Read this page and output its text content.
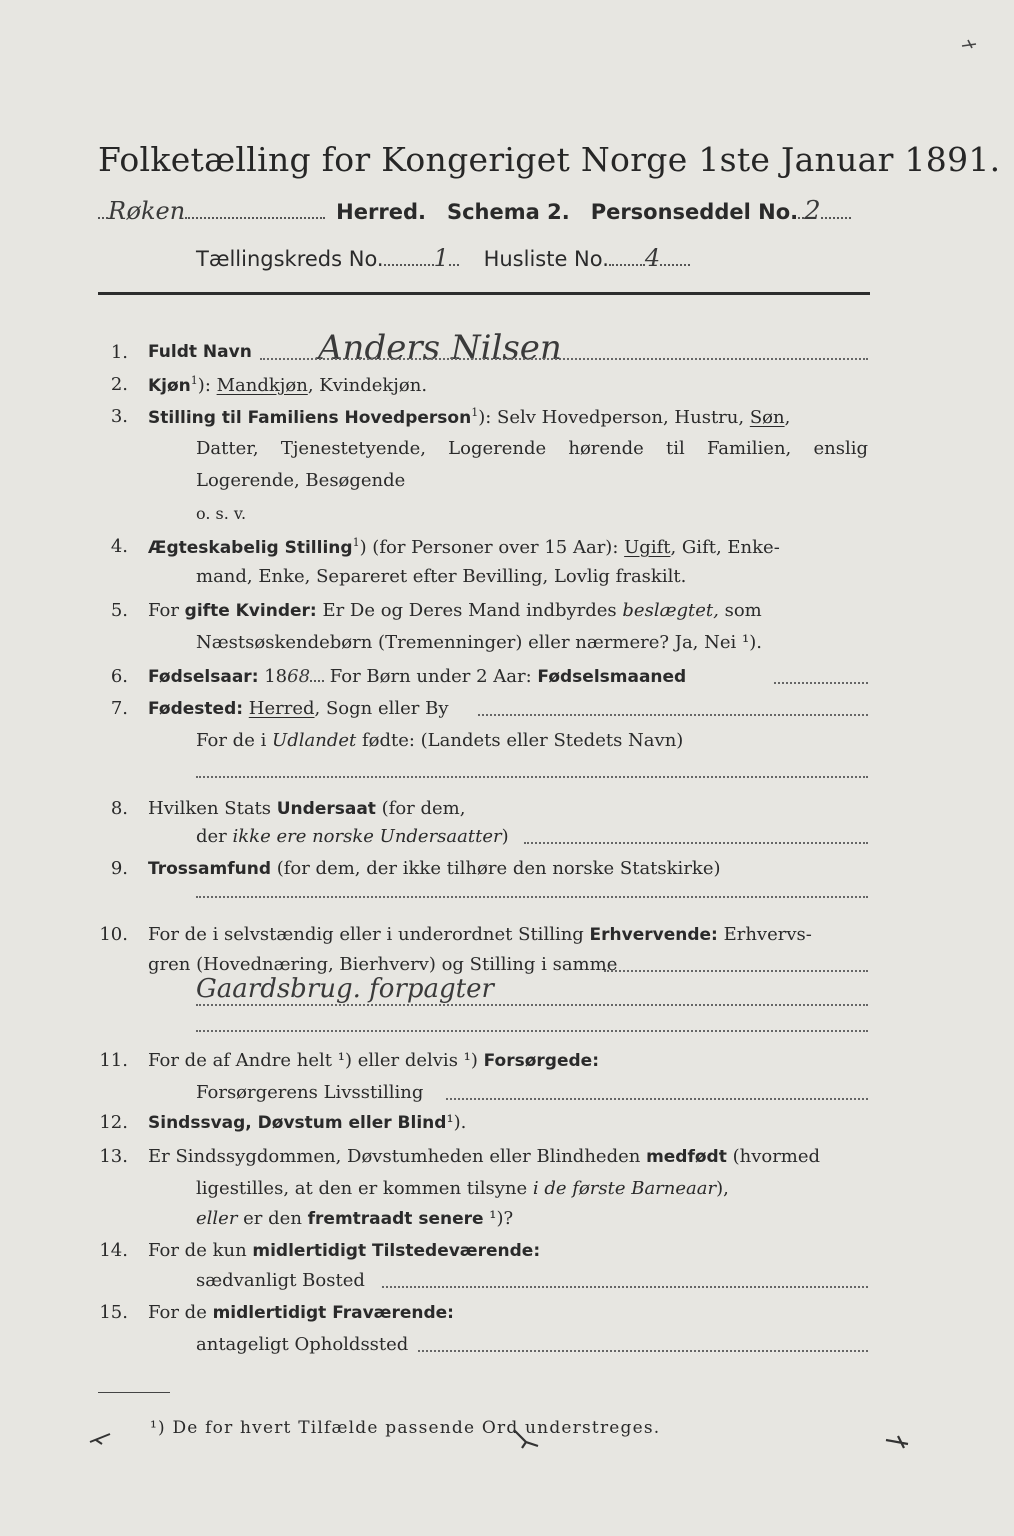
Folketælling for Kongeriget Norge 1ste Januar 1891.
Røken	Herred. Schema 2. Personseddel No. 2
Tællingskreds No. 1 Husliste No. 4
1. Fuldt Navn Anders Nilsen
2. Kjøn$^1$): Mandkjøn, Kvindekjøn.
3. Stilling til Familiens Hovedperson$^1$): Selv Hovedperson, Hustru, Søn,
Datter, Tjenestetyende, Logerende hørende til Familien, enslig
Logerende, Besøgende
o. s. v.
4. Ægteskabelig Stilling$^1$) (for Personer over 15 Aar): Ugift, Gift, Enke-
mand, Enke, Separeret efter Bevilling, Lovlig fraskilt.
5. For gifte Kvinder: Er De og Deres Mand indbyrdes beslægtet, som
Næstsøskendebørn (Tremenninger) eller nærmere? Ja, Nei ¹).
6. Fødselsaar: 1868 For Børn under 2 Aar: Fødselsmaaned
7. Fødested: Herred, Sogn eller By
For de i Udlandet fødte: (Landets eller Stedets Navn)
8. Hvilken Stats Undersaat (for dem,
der ikke ere norske Undersaatter)
9. Trossamfund (for dem, der ikke tilhøre den norske Statskirke)
10. For de i selvstændig eller i underordnet Stilling Erhvervende: Erhvervs-
gren (Hovednæring, Bierhverv) og Stilling i samme
Gaardsbrug. forpagter
11. For de af Andre helt ¹) eller delvis ¹) Forsørgede:
Forsørgerens Livsstilling
12. Sindssvag, Døvstum eller Blind¹).
13. Er Sindssygdommen, Døvstumheden eller Blindheden medfødt (hvormed
ligestilles, at den er kommen tilsyne i de første Barneaar),
eller er den fremtraadt senere ¹)?
14. For de kun midlertidigt Tilstedeværende:
sædvanligt Bosted
15. For de midlertidigt Fraværende:
antageligt Opholdssted
¹) De for hvert Tilfælde passende Ord understreges.
